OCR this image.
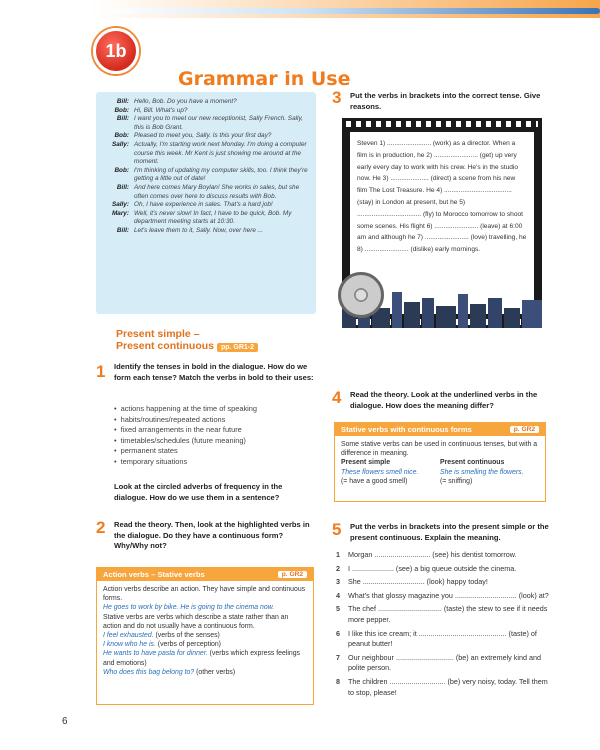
1b
Grammar in Use
Bill: Hello, Bob. Do you have a moment?
Bob: Hi, Bill. What's up?
Bill: I want you to meet our new receptionist, Sally French. Sally, this is Bob Grant.
Bob: Pleased to meet you, Sally. Is this your first day?
Sally: Actually, I'm starting work next Monday. I'm doing a computer course this week. Mr Kent is just showing me around at the moment.
Bob: I'm thinking of updating my computer skills, too. I think they're getting a little out of date!
Bill: And here comes Mary Boylan! She works in sales, but she often comes over here to discuss results with Bob.
Sally: Oh, I have experience in sales. That's a hard job!
Mary: Well, it's never slow! In fact, I have to be quick, Bob. My department meeting starts at 10:30.
Bill: Let's leave them to it, Sally. Now, over here ...
Present simple –
Present continuous pp. GR1-2
1 Identify the tenses in bold in the dialogue. How do we form each tense? Match the verbs in bold to their uses:
• actions happening at the time of speaking
• habits/routines/repeated actions
• fixed arrangements in the near future
• timetables/schedules (future meaning)
• permanent states
• temporary situations
Look at the circled adverbs of frequency in the dialogue. How do we use them in a sentence?
2 Read the theory. Then, look at the highlighted verbs in the dialogue. Do they have a continuous form? Why/Why not?
Action verbs – Stative verbs	p. GR2
Action verbs describe an action. They have simple and continuous forms.
He goes to work by bike. He is going to the cinema now.
Stative verbs are verbs which describe a state rather than an action and do not usually have a continuous form.
I feel exhausted. (verbs of the senses)
I know who he is. (verbs of perception)
He wants to have pasta for dinner. (verbs which express feelings and emotions)
Who does this bag belong to? (other verbs)
3 Put the verbs in brackets into the correct tense. Give reasons.
Steven 1) ........................ (work) as a director. When a film is in production, he 2) ........................ (get) up very early every day to work with his crew. He's in the studio now. He 3) ..................... (direct) a scene from his new film The Lost Treasure. He 4) ..................................... (stay) in London at present, but he 5) ................................... (fly) to Morocco tomorrow to shoot some scenes. His flight 6) ........................ (leave) at 6:00 am and although he 7) ........................ (love) travelling, he 8) ........................ (dislike) early mornings.
4 Read the theory. Look at the underlined verbs in the dialogue. How does the meaning differ?
Stative verbs with continuous forms	p. GR2
Some stative verbs can be used in continuous tenses, but with a difference in meaning.
Present simple
These flowers smell nice.
(= have a good smell)
Present continuous
She is smelling the flowers.
(= sniffing)
5 Put the verbs in brackets into the present simple or the present continuous. Explain the meaning.
1	Morgan ............................ (see) his dentist tomorrow.
2	I ..................... (see) a big queue outside the cinema.
3	She ............................... (look) happy today!
4	What's that glossy magazine you ............................... (look) at?
5	The chef ................................ (taste) the stew to see if it needs more pepper.
6	I like this ice cream; it ............................................ (taste) of peanut butter!
7	Our neighbour ............................. (be) an extremely kind and polite person.
8	The children ............................ (be) very noisy, today. Tell them to stop, please!
6
